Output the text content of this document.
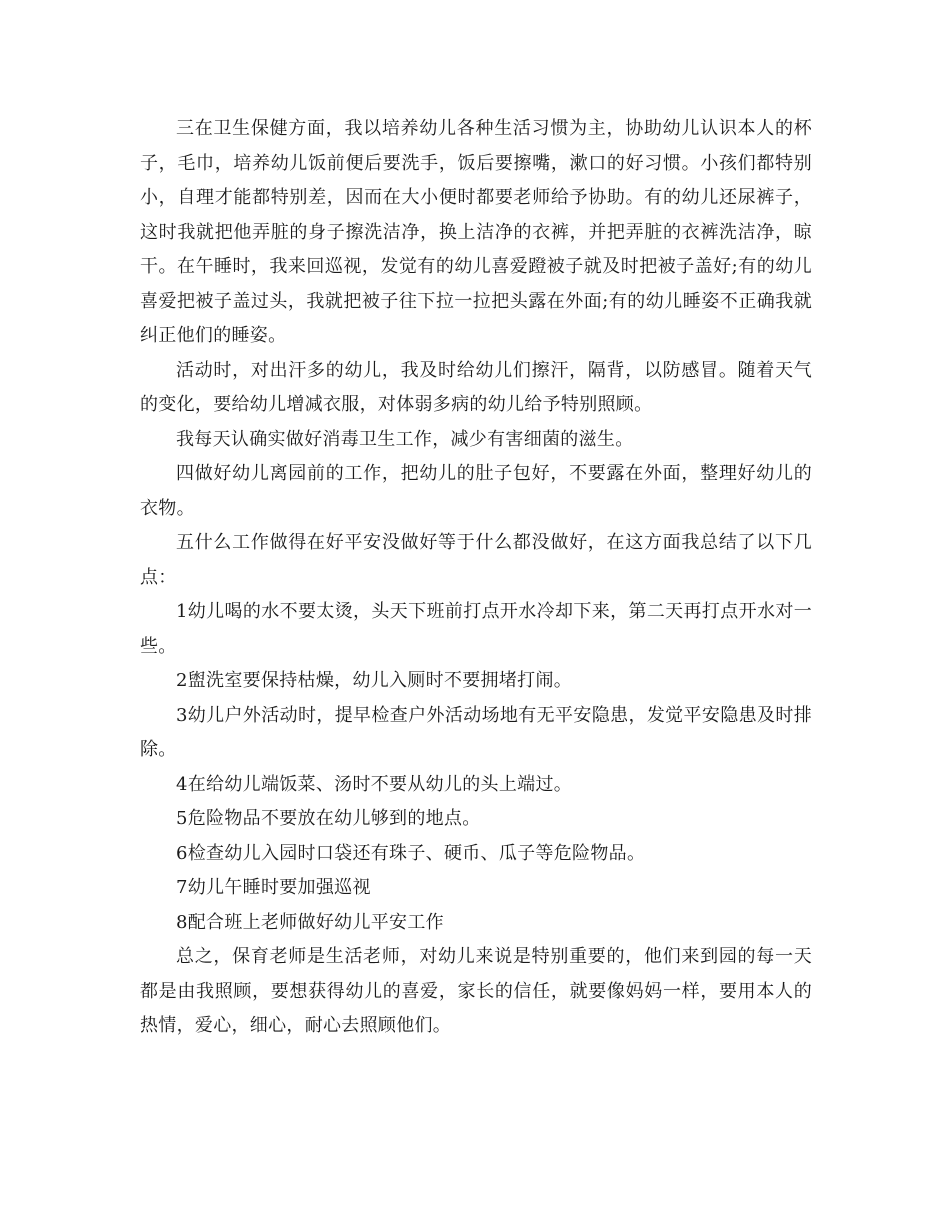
三在卫生保健方面，我以培养幼儿各种生活习惯为主，协助幼儿认识本人的杯子，毛巾，培养幼儿饭前便后要洗手，饭后要擦嘴，漱口的好习惯。小孩们都特别小，自理才能都特别差，因而在大小便时都要老师给予协助。有的幼儿还尿裤子，这时我就把他弄脏的身子擦洗洁净，换上洁净的衣裤，并把弄脏的衣裤洗洁净，晾干。在午睡时，我来回巡视，发觉有的幼儿喜爱蹬被子就及时把被子盖好;有的幼儿喜爱把被子盖过头，我就把被子往下拉一拉把头露在外面;有的幼儿睡姿不正确我就纠正他们的睡姿。

活动时，对出汗多的幼儿，我及时给幼儿们擦汗，隔背，以防感冒。随着天气的变化，要给幼儿增减衣服，对体弱多病的幼儿给予特别照顾。

我每天认确实做好消毒卫生工作，减少有害细菌的滋生。

四做好幼儿离园前的工作，把幼儿的肚子包好，不要露在外面，整理好幼儿的衣物。

五什么工作做得在好平安没做好等于什么都没做好，在这方面我总结了以下几点：

1幼儿喝的水不要太烫，头天下班前打点开水冷却下来，第二天再打点开水对一些。

2盥洗室要保持枯燥，幼儿入厕时不要拥堵打闹。

3幼儿户外活动时，提早检查户外活动场地有无平安隐患，发觉平安隐患及时排除。

4在给幼儿端饭菜、汤时不要从幼儿的头上端过。

5危险物品不要放在幼儿够到的地点。

6检查幼儿入园时口袋还有珠子、硬币、瓜子等危险物品。

7幼儿午睡时要加强巡视

8配合班上老师做好幼儿平安工作

总之，保育老师是生活老师，对幼儿来说是特别重要的，他们来到园的每一天都是由我照顾，要想获得幼儿的喜爱，家长的信任，就要像妈妈一样，要用本人的热情，爱心，细心，耐心去照顾他们。
